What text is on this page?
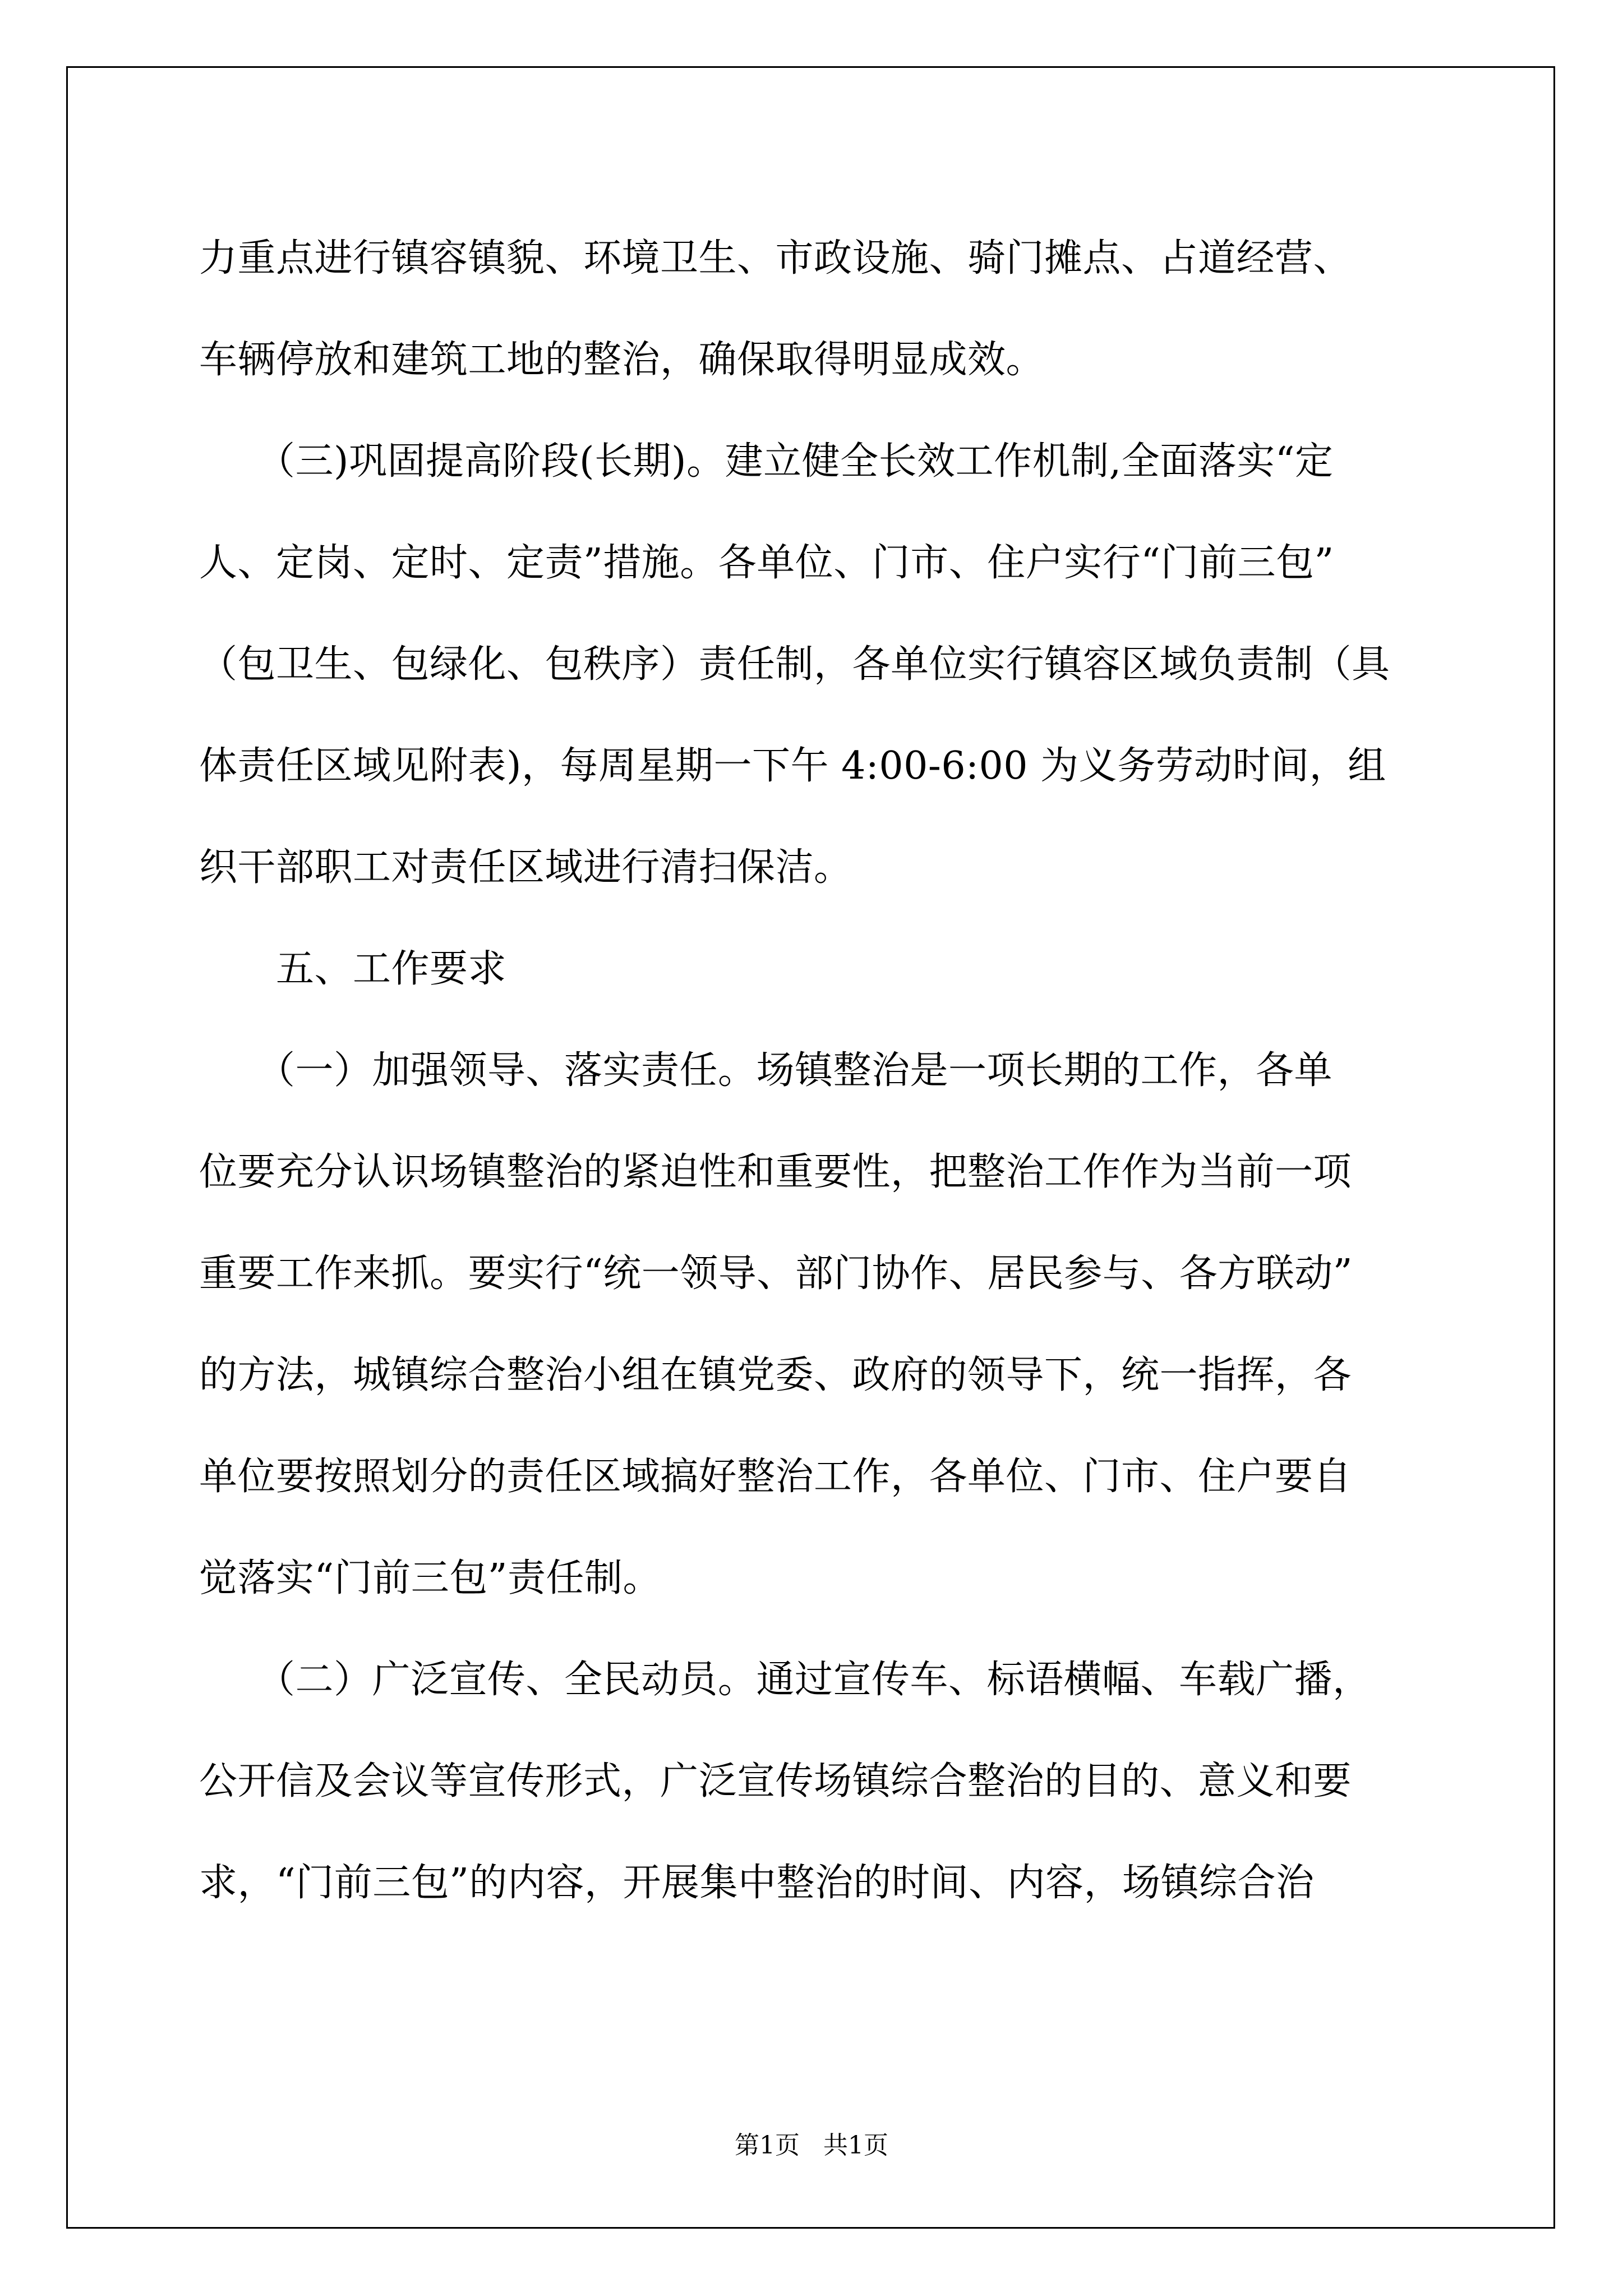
力重点进行镇容镇貌、环境卫生、市政设施、骑门摊点、占道经营、
车辆停放和建筑工地的整治，确保取得明显成效。
　　（三)巩固提高阶段(长期)。建立健全长效工作机制,全面落实“定
人、定岗、定时、定责”措施。各单位、门市、住户实行“门前三包”
（包卫生、包绿化、包秩序）责任制，各单位实行镇容区域负责制（具
体责任区域见附表)，每周星期一下午 4:00-6:00 为义务劳动时间，组
织干部职工对责任区域进行清扫保洁。
　　五、工作要求
　　（一）加强领导、落实责任。场镇整治是一项长期的工作，各单
位要充分认识场镇整治的紧迫性和重要性，把整治工作作为当前一项
重要工作来抓。要实行“统一领导、部门协作、居民参与、各方联动”
的方法，城镇综合整治小组在镇党委、政府的领导下，统一指挥，各
单位要按照划分的责任区域搞好整治工作，各单位、门市、住户要自
觉落实“门前三包”责任制。
　　（二）广泛宣传、全民动员。通过宣传车、标语横幅、车载广播，
公开信及会议等宣传形式，广泛宣传场镇综合整治的目的、意义和要
求，“门前三包”的内容，开展集中整治的时间、内容，场镇综合治
第1页   共1页
